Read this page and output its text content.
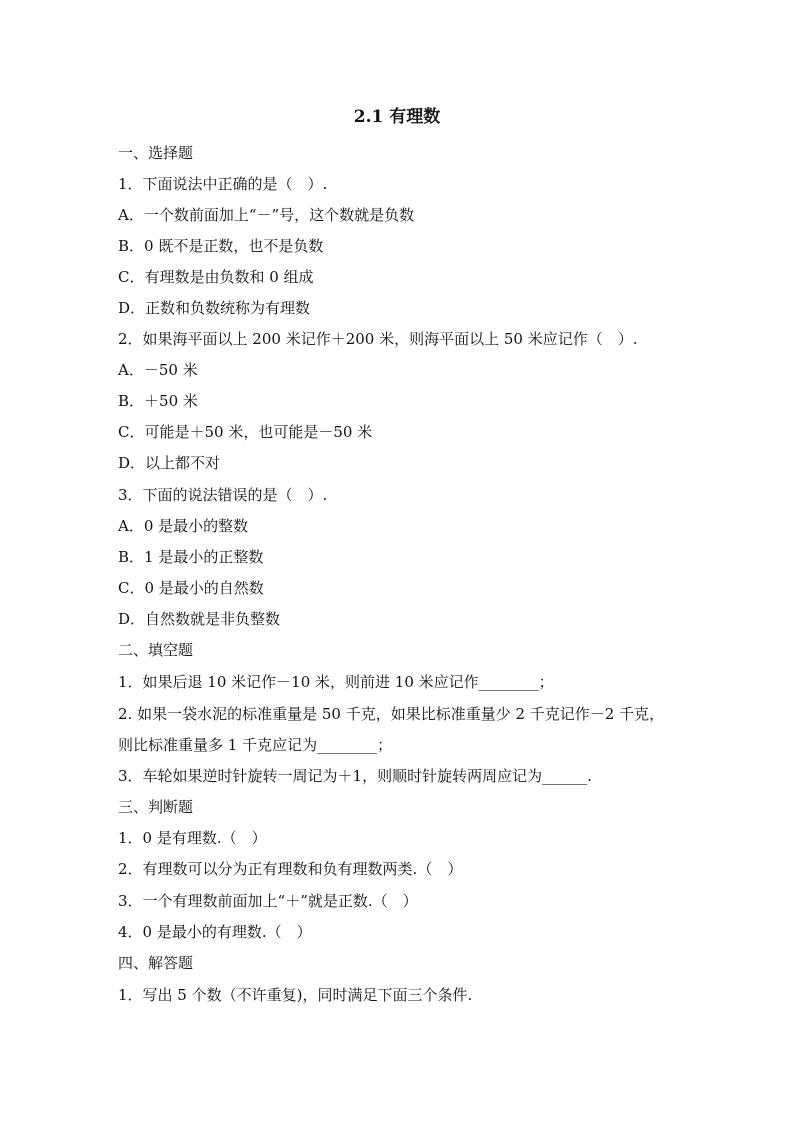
2.1 有理数
一、选择题
1．下面说法中正确的是（　）.
A．一个数前面加上“－”号，这个数就是负数
B．0 既不是正数，也不是负数
C．有理数是由负数和 0 组成
D．正数和负数统称为有理数
2．如果海平面以上 200 米记作＋200 米，则海平面以上 50 米应记作（　）.
A．－50 米
B．＋50 米
C．可能是＋50 米，也可能是－50 米
D．以上都不对
3．下面的说法错误的是（　）.
A．0 是最小的整数
B．1 是最小的正整数
C．0 是最小的自然数
D．自然数就是非负整数
二、填空题
1．如果后退 10 米记作－10 米，则前进 10 米应记作________；
2. 如果一袋水泥的标准重量是 50 千克，如果比标准重量少 2 千克记作－2 千克，
则比标准重量多 1 千克应记为________；
3．车轮如果逆时针旋转一周记为＋1，则顺时针旋转两周应记为______.
三、判断题
1．0 是有理数.（　）
2．有理数可以分为正有理数和负有理数两类.（　）
3．一个有理数前面加上“＋”就是正数.（　）
4．0 是最小的有理数.（　）
四、解答题
1．写出 5 个数（不许重复)，同时满足下面三个条件.
